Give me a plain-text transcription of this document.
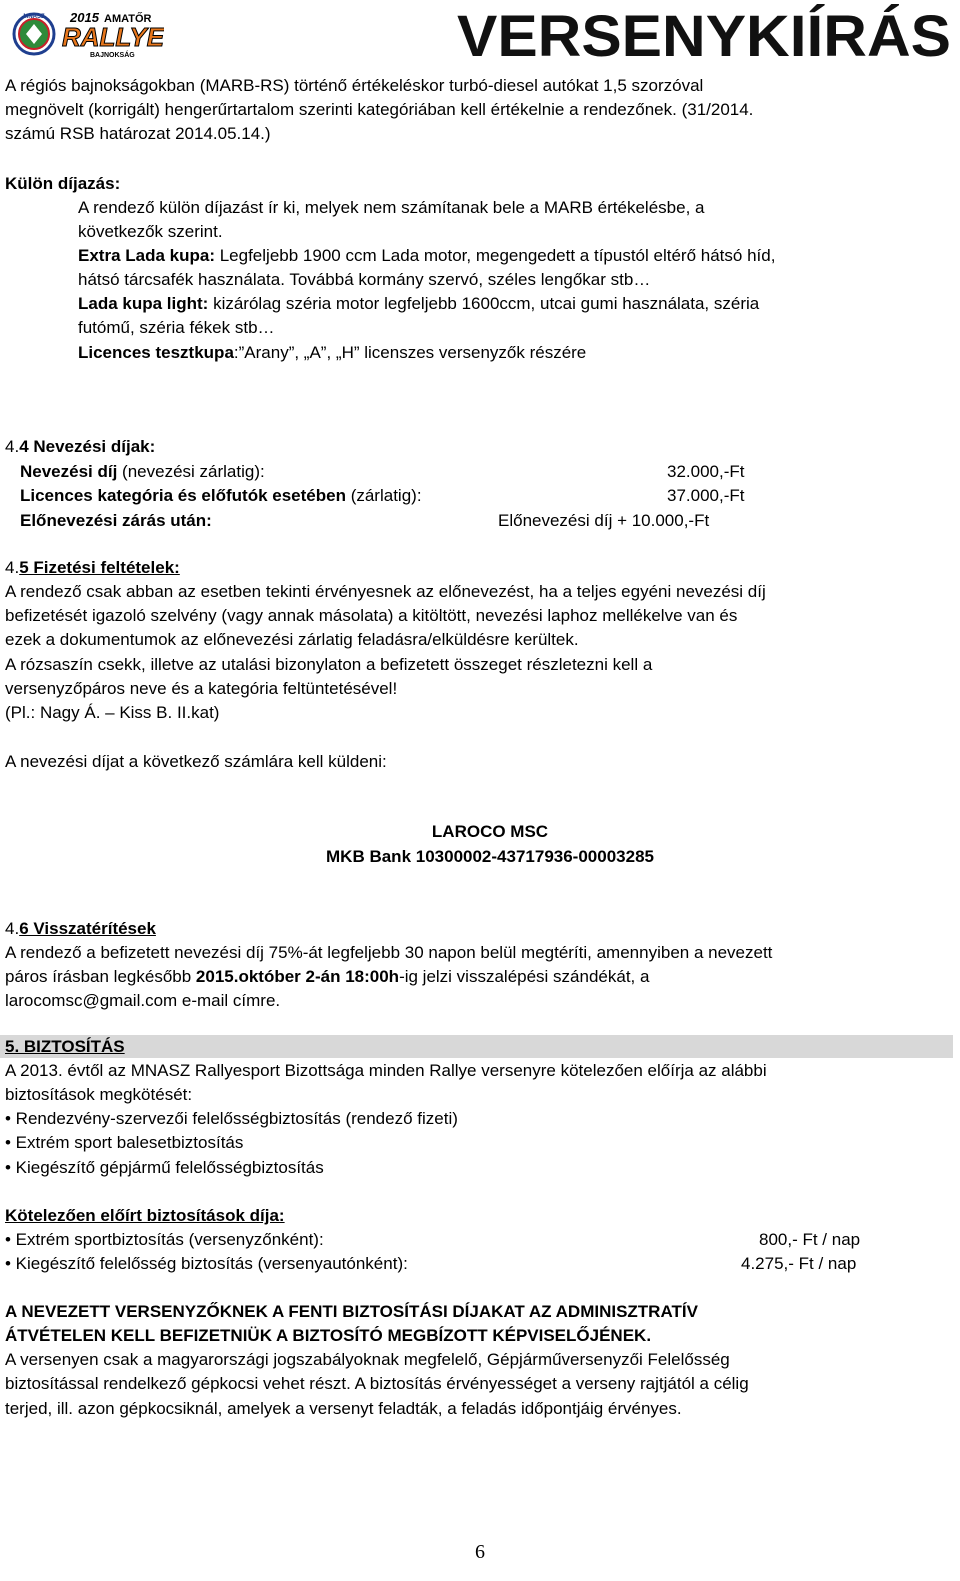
MNASZ 2015 AMATŐR
RALLYE
BAJNOKSÁG	VERSENYKIÍRÁS
A régiós bajnokságokban (MARB-RS) történő értékeléskor turbó-diesel autókat 1,5 szorzóval
megnövelt (korrigált) hengerűrtartalom szerinti kategóriában kell értékelnie a rendezőnek. (31/2014.
számú RSB határozat 2014.05.14.)
Külön díjazás:
A rendező külön díjazást ír ki, melyek nem számítanak bele a MARB értékelésbe, a
következők szerint.
Extra Lada kupa: Legfeljebb 1900 ccm Lada motor, megengedett a típustól eltérő hátsó híd,
hátsó tárcsafék használata. Továbbá kormány szervó, széles lengőkar stb…
Lada kupa light: kizárólag széria motor legfeljebb 1600ccm, utcai gumi használata, széria
futómű, széria fékek stb…
Licences tesztkupa:”Arany”, „A”, „H” licenszes versenyzők részére
4.4 Nevezési díjak:
Nevezési díj (nevezési zárlatig):	32.000,-Ft
Licences kategória és előfutók esetében (zárlatig):	37.000,-Ft
Előnevezési zárás után:	Előnevezési díj + 10.000,-Ft
4.5 Fizetési feltételek:
A rendező csak abban az esetben tekinti érvényesnek az előnevezést, ha a teljes egyéni nevezési díj
befizetését igazoló szelvény (vagy annak másolata) a kitöltött, nevezési laphoz mellékelve van és
ezek a dokumentumok az előnevezési zárlatig feladásra/elküldésre kerültek.
A rózsaszín csekk, illetve az utalási bizonylaton a befizetett összeget részletezni kell a
versenyzőpáros neve és a kategória feltüntetésével!
(Pl.: Nagy Á. – Kiss B. II.kat)
A nevezési díjat a következő számlára kell küldeni:
LAROCO MSC
MKB Bank 10300002-43717936-00003285
4.6 Visszatérítések
A rendező a befizetett nevezési díj 75%-át legfeljebb 30 napon belül megtéríti, amennyiben a nevezett
páros írásban legkésőbb 2015.október 2-án 18:00h-ig jelzi visszalépési szándékát, a
larocomsc@gmail.com e-mail címre.
5. BIZTOSÍTÁS
A 2013. évtől az MNASZ Rallyesport Bizottsága minden Rallye versenyre kötelezően előírja az alábbi
biztosítások megkötését:
• Rendezvény-szervezői felelősségbiztosítás (rendező fizeti)
• Extrém sport balesetbiztosítás
• Kiegészítő gépjármű felelősségbiztosítás
Kötelezően előírt biztosítások díja:
• Extrém sportbiztosítás (versenyzőnként):	800,- Ft / nap
• Kiegészítő felelősség biztosítás (versenyautónként):	4.275,- Ft / nap
A NEVEZETT VERSENYZŐKNEK A FENTI BIZTOSÍTÁSI DÍJAKAT AZ ADMINISZTRATÍV
ÁTVÉTELEN KELL BEFIZETNIÜK A BIZTOSÍTÓ MEGBÍZOTT KÉPVISELŐJÉNEK.
A versenyen csak a magyarországi jogszabályoknak megfelelő, Gépjárműversenyzői Felelősség
biztosítással rendelkező gépkocsi vehet részt. A biztosítás érvényességet a verseny rajtjától a célig
terjed, ill. azon gépkocsiknál, amelyek a versenyt feladták, a feladás időpontjáig érvényes.
6
